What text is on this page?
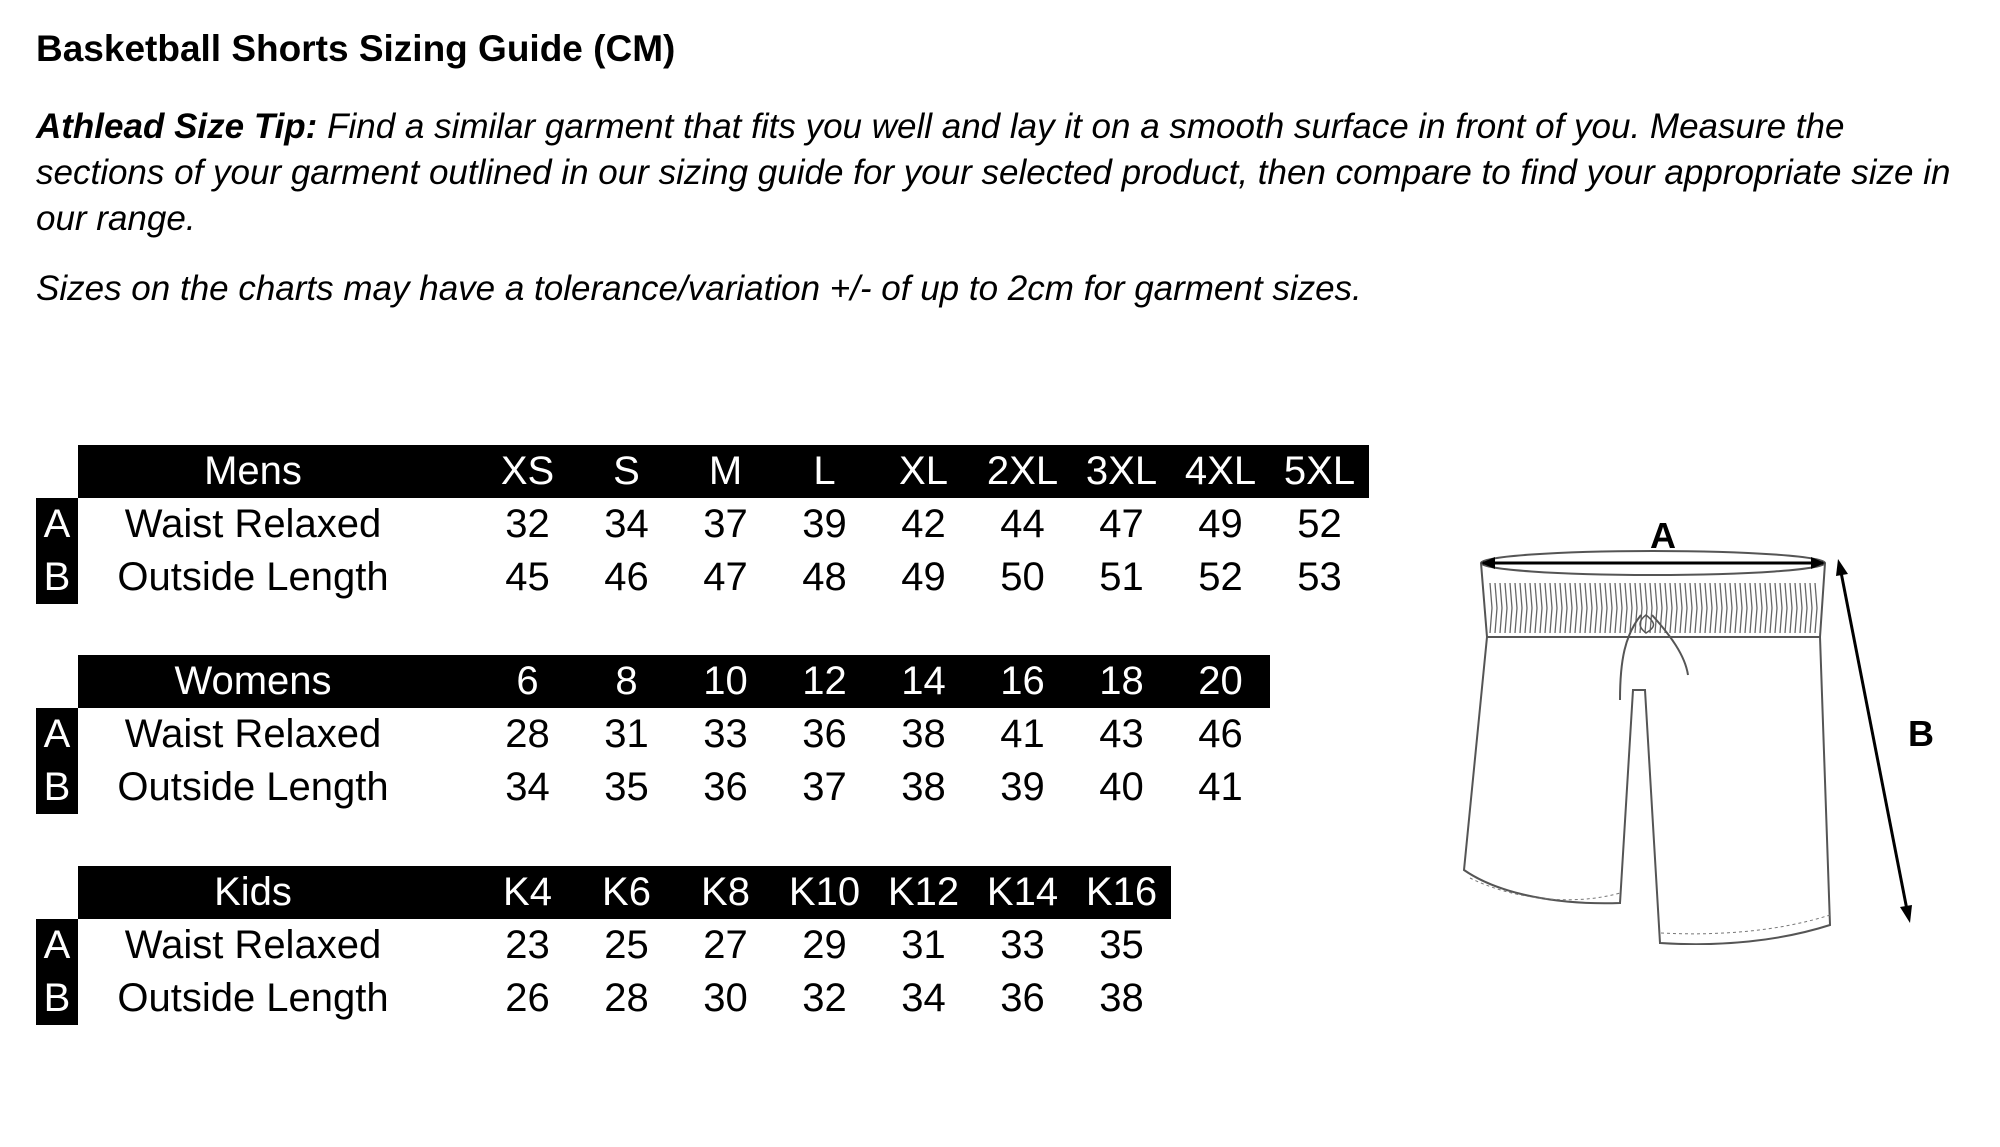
Basketball Shorts Sizing Guide (CM)
Athlead Size Tip: Find a similar garment that fits you well and lay it on a smooth surface in front of you. Measure the sections of your garment outlined in our sizing guide for your selected product, then compare to find your appropriate size in our range.
Sizes on the charts may have a tolerance/variation +/- of up to 2cm for garment sizes.
Mens	XS	S	M	L	XL 2XL 3XL 4XL 5XL
A	Waist Relaxed	32	34	37	39	42	44	47	49	52
B	Outside Length	45	46	47	48	49	50	51	52	53
Womens	6	8	10	12	14	16	18	20
A	Waist Relaxed	28	31	33	36	38	41	43	46
B	Outside Length	34	35	36	37	38	39	40	41
Kids	K4	K6	K8 K10 K12 K14 K16
A	Waist Relaxed	23	25	27	29	31	33	35
B	Outside Length	26	28	30	32	34	36	38
A
B
